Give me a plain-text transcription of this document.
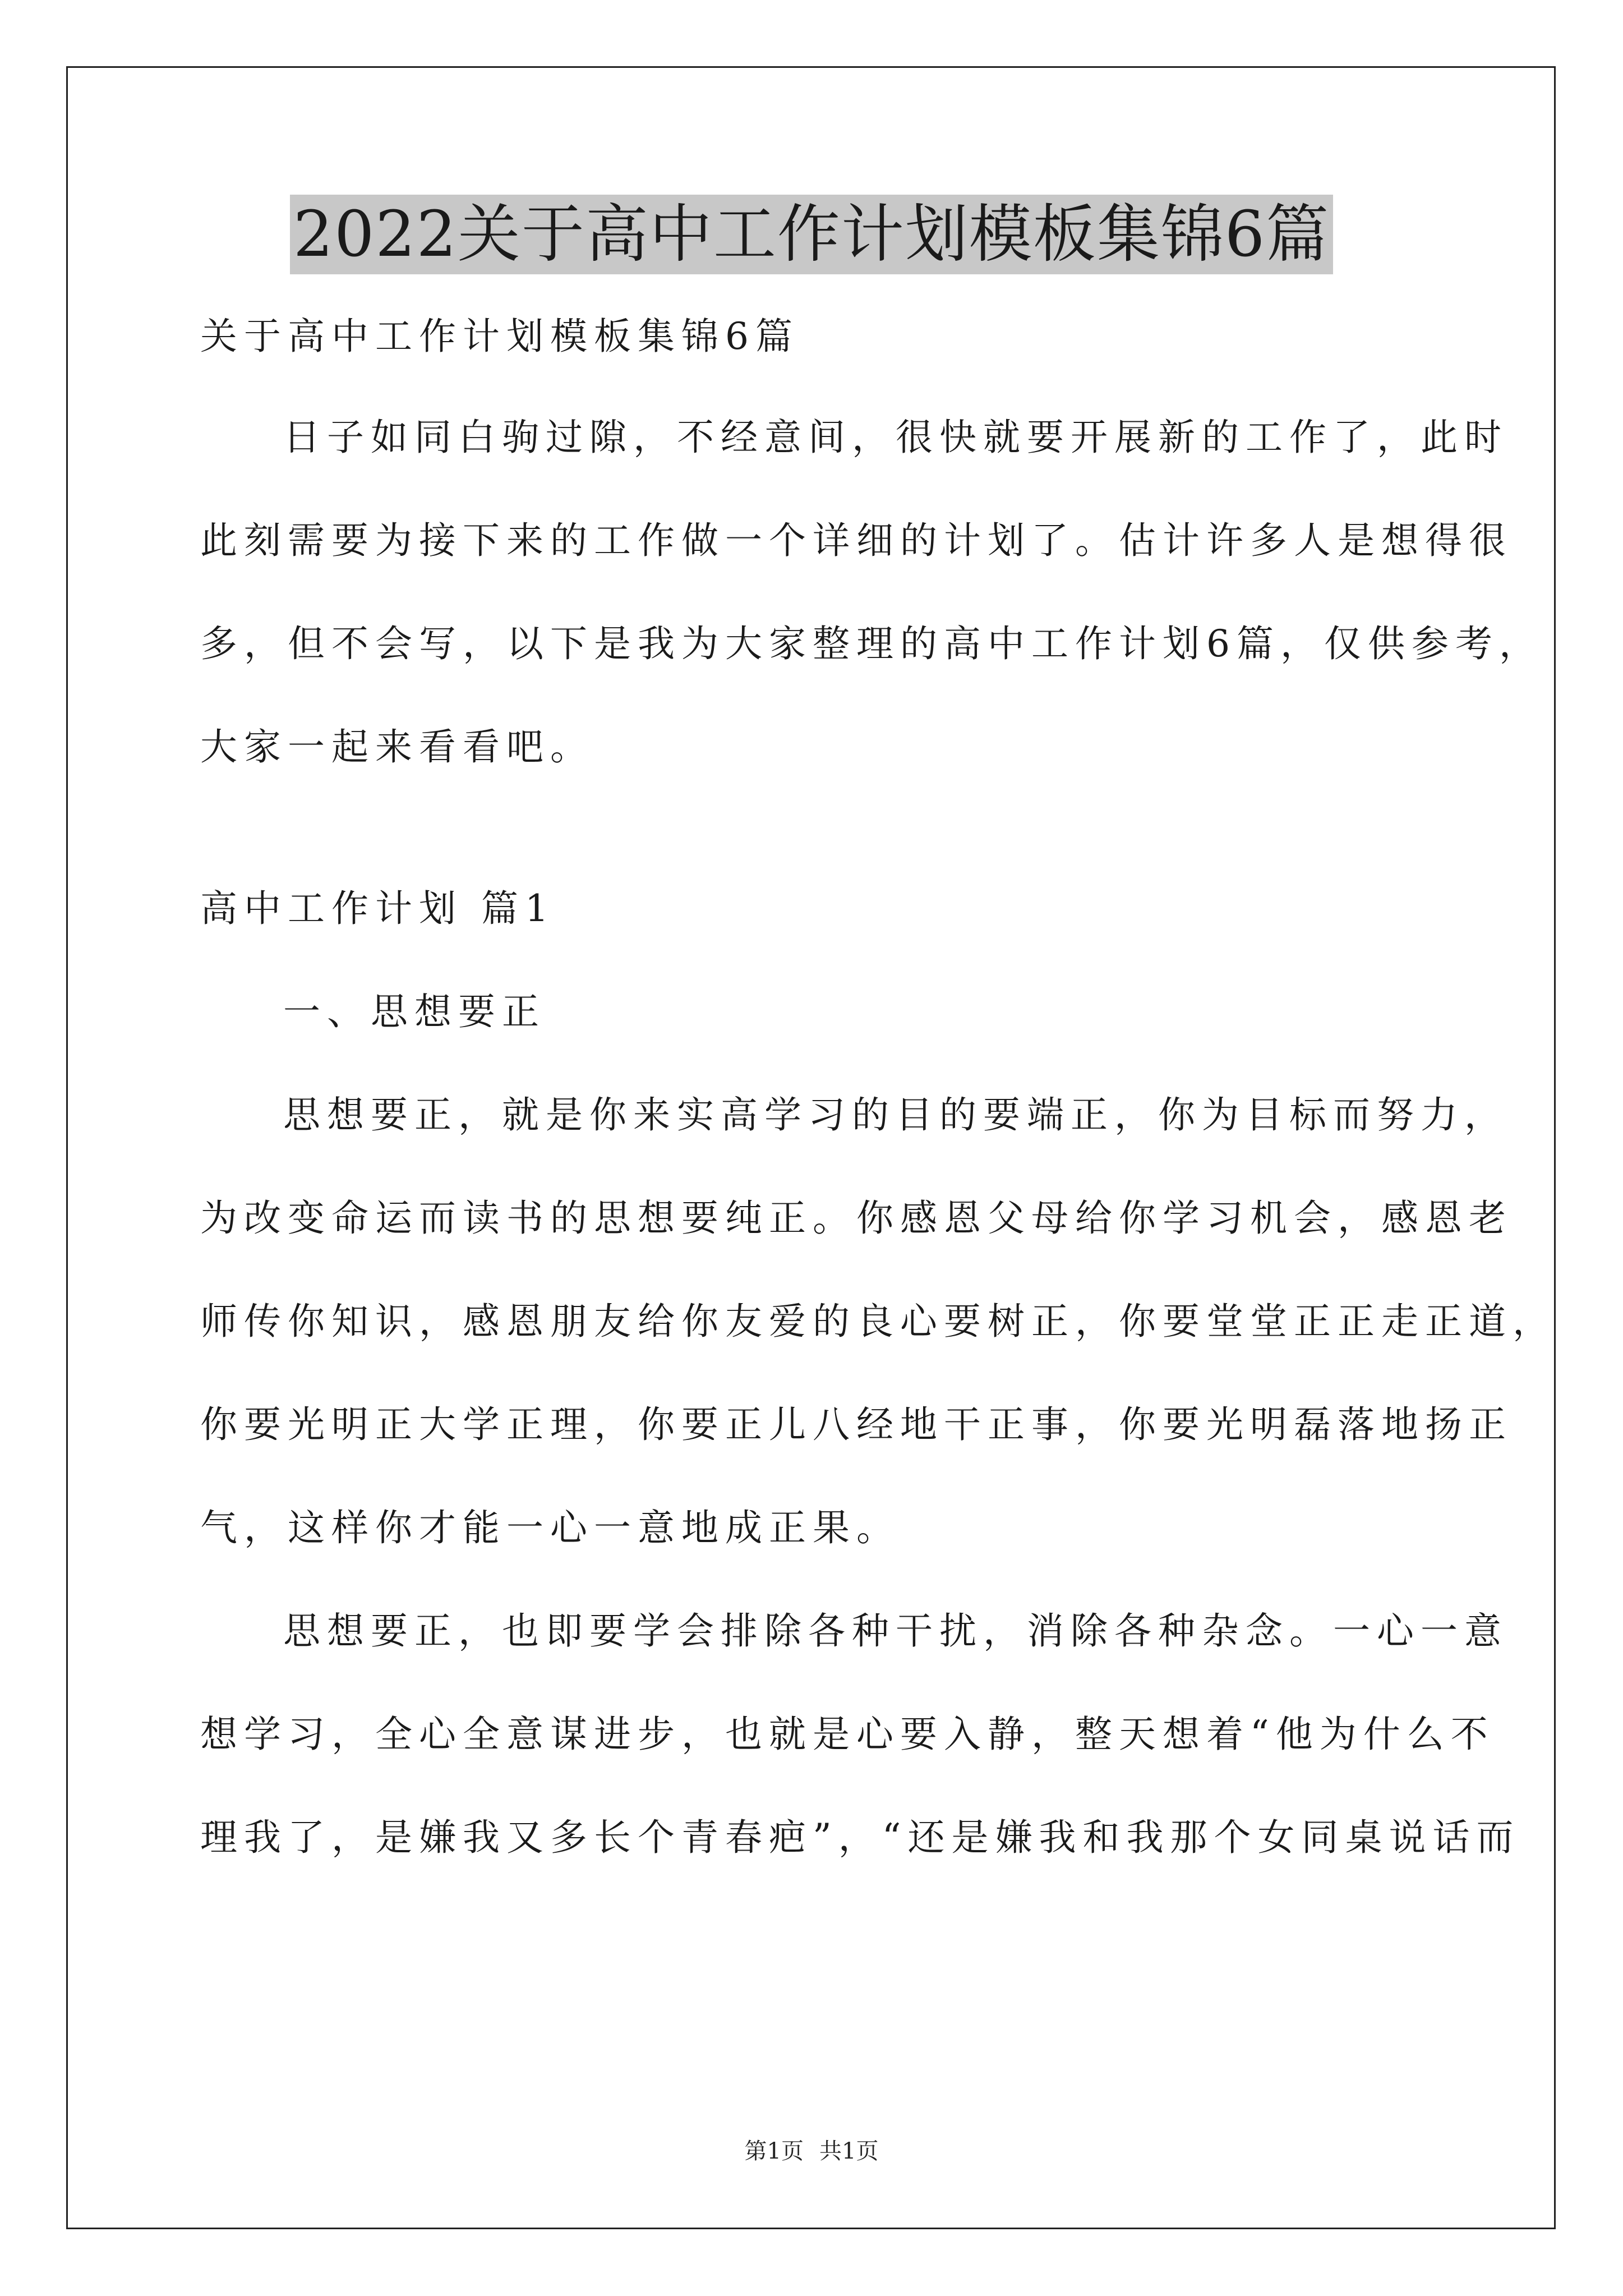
2022关于高中工作计划模板集锦6篇
关于高中工作计划模板集锦6篇
日子如同白驹过隙，不经意间，很快就要开展新的工作了，此时
此刻需要为接下来的工作做一个详细的计划了。估计许多人是想得很
多，但不会写，以下是我为大家整理的高中工作计划6篇，仅供参考，
大家一起来看看吧。
高中工作计划 篇1
一、思想要正
思想要正，就是你来实高学习的目的要端正，你为目标而努力，
为改变命运而读书的思想要纯正。你感恩父母给你学习机会，感恩老
师传你知识，感恩朋友给你友爱的良心要树正，你要堂堂正正走正道，
你要光明正大学正理，你要正儿八经地干正事，你要光明磊落地扬正
气，这样你才能一心一意地成正果。
思想要正，也即要学会排除各种干扰，消除各种杂念。一心一意
想学习，全心全意谋进步，也就是心要入静，整天想着“他为什么不
理我了，是嫌我又多长个青春疤”，“还是嫌我和我那个女同桌说话而
第1页 共1页
